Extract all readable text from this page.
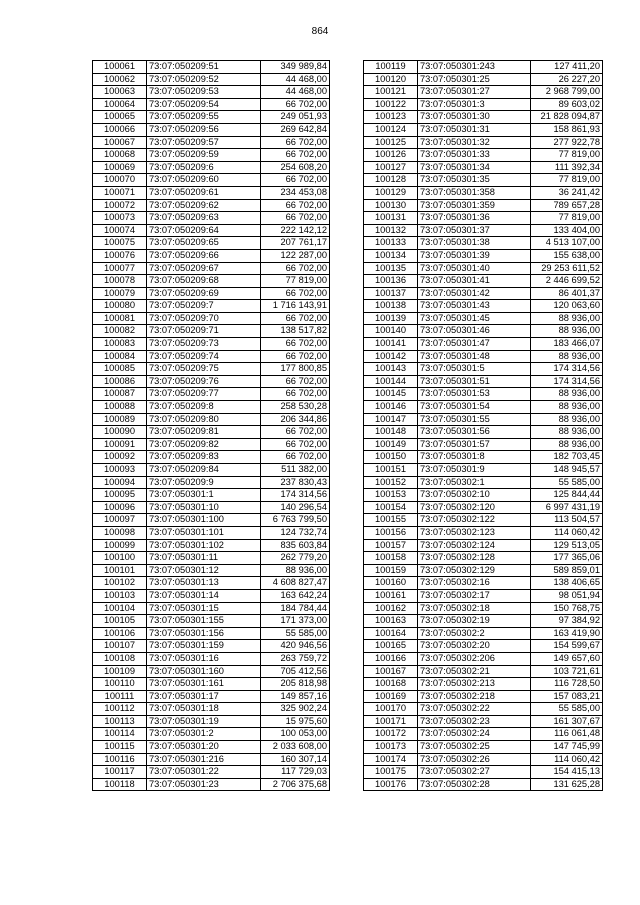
864
100061	73:07:050209:51	349 989,84
100062	73:07:050209:52	44 468,00
100063	73:07:050209:53	44 468,00
100064	73:07:050209:54	66 702,00
100065	73:07:050209:55	249 051,93
100066	73:07:050209:56	269 642,84
100067	73:07:050209:57	66 702,00
100068	73:07:050209:59	66 702,00
100069	73:07:050209:6	254 608,20
100070	73:07:050209:60	66 702,00
100071	73:07:050209:61	234 453,08
100072	73:07:050209:62	66 702,00
100073	73:07:050209:63	66 702,00
100074	73:07:050209:64	222 142,12
100075	73:07:050209:65	207 761,17
100076	73:07:050209:66	122 287,00
100077	73:07:050209:67	66 702,00
100078	73:07:050209:68	77 819,00
100079	73:07:050209:69	66 702,00
100080	73:07:050209:7	1 716 143,91
100081	73:07:050209:70	66 702,00
100082	73:07:050209:71	138 517,82
100083	73:07:050209:73	66 702,00
100084	73:07:050209:74	66 702,00
100085	73:07:050209:75	177 800,85
100086	73:07:050209:76	66 702,00
100087	73:07:050209:77	66 702,00
100088	73:07:050209:8	258 530,28
100089	73:07:050209:80	206 344,86
100090	73:07:050209:81	66 702,00
100091	73:07:050209:82	66 702,00
100092	73:07:050209:83	66 702,00
100093	73:07:050209:84	511 382,00
100094	73:07:050209:9	237 830,43
100095	73:07:050301:1	174 314,56
100096	73:07:050301:10	140 296,54
100097	73:07:050301:100	6 763 799,50
100098	73:07:050301:101	124 732,74
100099	73:07:050301:102	835 603,84
100100	73:07:050301:11	262 779,20
100101	73:07:050301:12	88 936,00
100102	73:07:050301:13	4 608 827,47
100103	73:07:050301:14	163 642,24
100104	73:07:050301:15	184 784,44
100105	73:07:050301:155	171 373,00
100106	73:07:050301:156	55 585,00
100107	73:07:050301:159	420 946,56
100108	73:07:050301:16	263 759,72
100109	73:07:050301:160	705 412,56
100110	73:07:050301:161	205 818,98
100111	73:07:050301:17	149 857,16
100112	73:07:050301:18	325 902,24
100113	73:07:050301:19	15 975,60
100114	73:07:050301:2	100 053,00
100115	73:07:050301:20	2 033 608,00
100116	73:07:050301:216	160 307,14
100117	73:07:050301:22	117 729,03
100118	73:07:050301:23	2 706 375,68
100119	73:07:050301:243	127 411,20
100120	73:07:050301:25	26 227,20
100121	73:07:050301:27	2 968 799,00
100122	73:07:050301:3	89 603,02
100123	73:07:050301:30	21 828 094,87
100124	73:07:050301:31	158 861,93
100125	73:07:050301:32	277 922,78
100126	73:07:050301:33	77 819,00
100127	73:07:050301:34	111 392,34
100128	73:07:050301:35	77 819,00
100129	73:07:050301:358	36 241,42
100130	73:07:050301:359	789 657,28
100131	73:07:050301:36	77 819,00
100132	73:07:050301:37	133 404,00
100133	73:07:050301:38	4 513 107,00
100134	73:07:050301:39	155 638,00
100135	73:07:050301:40	29 253 611,52
100136	73:07:050301:41	2 446 699,52
100137	73:07:050301:42	86 401,37
100138	73:07:050301:43	120 063,60
100139	73:07:050301:45	88 936,00
100140	73:07:050301:46	88 936,00
100141	73:07:050301:47	183 466,07
100142	73:07:050301:48	88 936,00
100143	73:07:050301:5	174 314,56
100144	73:07:050301:51	174 314,56
100145	73:07:050301:53	88 936,00
100146	73:07:050301:54	88 936,00
100147	73:07:050301:55	88 936,00
100148	73:07:050301:56	88 936,00
100149	73:07:050301:57	88 936,00
100150	73:07:050301:8	182 703,45
100151	73:07:050301:9	148 945,57
100152	73:07:050302:1	55 585,00
100153	73:07:050302:10	125 844,44
100154	73:07:050302:120	6 997 431,19
100155	73:07:050302:122	113 504,57
100156	73:07:050302:123	114 060,42
100157	73:07:050302:124	129 513,05
100158	73:07:050302:128	177 365,06
100159	73:07:050302:129	589 859,01
100160	73:07:050302:16	138 406,65
100161	73:07:050302:17	98 051,94
100162	73:07:050302:18	150 768,75
100163	73:07:050302:19	97 384,92
100164	73:07:050302:2	163 419,90
100165	73:07:050302:20	154 599,67
100166	73:07:050302:206	149 657,60
100167	73:07:050302:21	103 721,61
100168	73:07:050302:213	116 728,50
100169	73:07:050302:218	157 083,21
100170	73:07:050302:22	55 585,00
100171	73:07:050302:23	161 307,67
100172	73:07:050302:24	116 061,48
100173	73:07:050302:25	147 745,99
100174	73:07:050302:26	114 060,42
100175	73:07:050302:27	154 415,13
100176	73:07:050302:28	131 625,28
